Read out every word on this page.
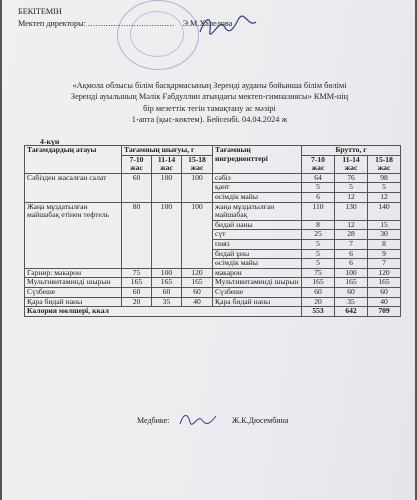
БЕКІТЕМІН
Мектеп директоры: .................................. Э.М.Халелова
«Ақмола облысы білім басқармасының Зеренді ауданы бойынша білім бөлімі
Зеренді ауылының Мәлік Ғабдуллин атындағы мектеп-гимназиясы» КММ-нің
бір мезеттік тегін тамақтану ас мәзірі
1-апта (қыс-көктем). Бейсенбі. 04.04.2024 ж
4-күн
Тағамдардың атауы	Тағамның шығуы, г			Тағамның ингредиенттері	Брутто, г		
	7-10 жас	11-14 жас	15-18 жас		7-10 жас	11-14 жас	15-18 жас
Сәбізден жасалған салат	60	100	100	сәбіз	64	76	98
				қант	5	5	5
				өсімдік майы	6	12	12
Жаңа мұздатылған майшабақ етінен тефтель	80	100	100	жаңа мұздатылған майшабақ	110	130	140
				бидай наны	8	12	15
				сүт	25	28	30
				пияз	5	7	8
				бидай ұны	5	6	9
				өсімдік майы	5	6	7
Гарнир: макарон	75	100	120	макарон	75	100	120
Мультивитаминді шырын	165	165	165	Мультивитаминді шырын	165	165	165
Сүзбеше	60	60	60	Сүзбеше	60	60	60
Қара бидай наны	20	35	40	Қара бидай наны	20	35	40
Калория мөлшері, ккал					553	642	709
Медбике:	Ж.К.Дюсембина
